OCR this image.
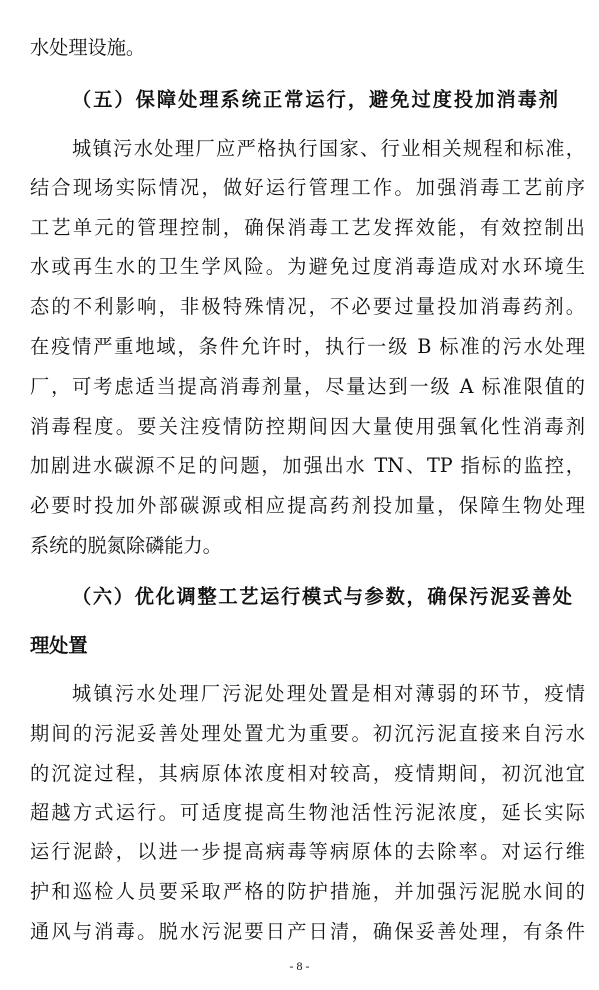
水处理设施。
（五）保障处理系统正常运行，避免过度投加消毒剂
城镇污水处理厂应严格执行国家、行业相关规程和标准，
结合现场实际情况，做好运行管理工作。加强消毒工艺前序
工艺单元的管理控制，确保消毒工艺发挥效能，有效控制出
水或再生水的卫生学风险。为避免过度消毒造成对水环境生
态的不利影响，非极特殊情况，不必要过量投加消毒药剂。
在疫情严重地域，条件允许时，执行一级 B 标准的污水处理
厂，可考虑适当提高消毒剂量，尽量达到一级 A 标准限值的
消毒程度。要关注疫情防控期间因大量使用强氧化性消毒剂
加剧进水碳源不足的问题，加强出水 TN、TP 指标的监控，
必要时投加外部碳源或相应提高药剂投加量，保障生物处理
系统的脱氮除磷能力。
（六）优化调整工艺运行模式与参数，确保污泥妥善处
理处置
城镇污水处理厂污泥处理处置是相对薄弱的环节，疫情
期间的污泥妥善处理处置尤为重要。初沉污泥直接来自污水
的沉淀过程，其病原体浓度相对较高，疫情期间，初沉池宜
超越方式运行。可适度提高生物池活性污泥浓度，延长实际
运行泥龄，以进一步提高病毒等病原体的去除率。对运行维
护和巡检人员要采取严格的防护措施，并加强污泥脱水间的
通风与消毒。脱水污泥要日产日清，确保妥善处理，有条件
- 8 -
